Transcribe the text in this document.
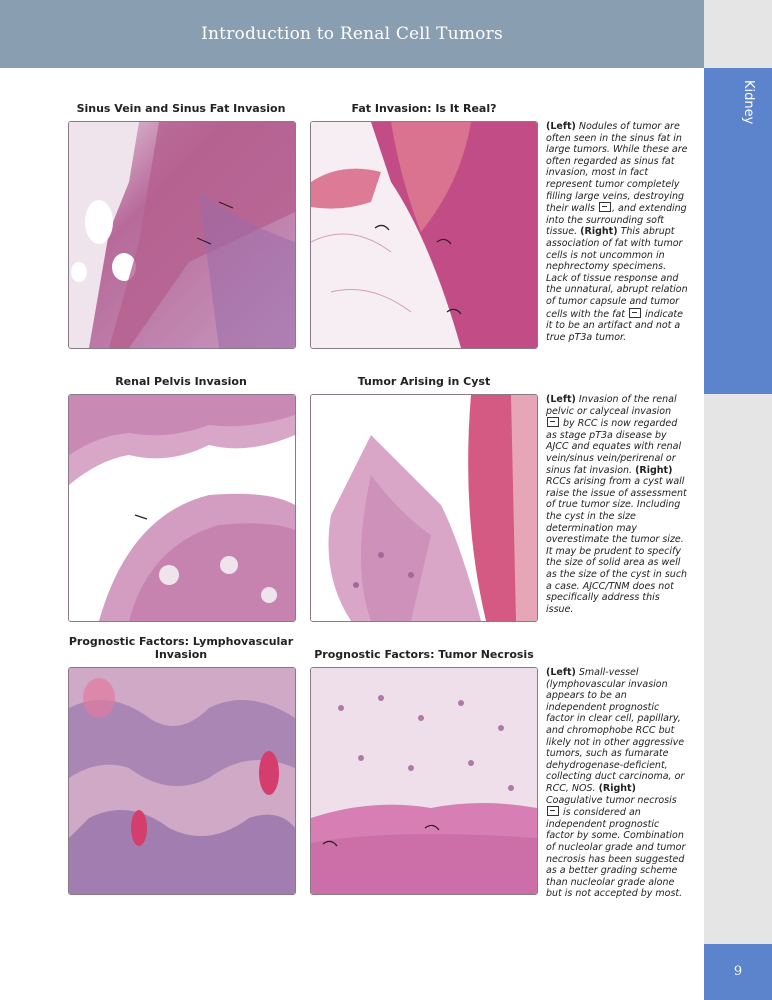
Introduction to Renal Cell Tumors
Kidney
9
Sinus Vein and Sinus Fat Invasion	Fat Invasion: Is It Real?
(Left) Nodules of tumor are often seen in the sinus fat in large tumors. While these are often regarded as sinus fat invasion, most in fact represent tumor completely filling large veins, destroying their walls , and extending into the surrounding soft tissue. (Right) This abrupt association of fat with tumor cells is not uncommon in nephrectomy specimens. Lack of tissue response and the unnatural, abrupt relation of tumor capsule and tumor cells with the fat  indicate it to be an artifact and not a true pT3a tumor.
Renal Pelvis Invasion	Tumor Arising in Cyst
(Left) Invasion of the renal pelvic or calyceal invasion  by RCC is now regarded as stage pT3a disease by AJCC and equates with renal vein/sinus vein/perirenal or sinus fat invasion. (Right) RCCs arising from a cyst wall raise the issue of assessment of true tumor size. Including the cyst in the size determination may overestimate the tumor size. It may be prudent to specify the size of solid area as well as the size of the cyst in such a case. AJCC/TNM does not specifically address this issue.
Prognostic Factors: Lymphovascular Invasion	Prognostic Factors: Tumor Necrosis
(Left) Small-vessel (lymphovascular invasion appears to be an independent prognostic factor in clear cell, papillary, and chromophobe RCC but likely not in other aggressive tumors, such as fumarate dehydrogenase-deficient, collecting duct carcinoma, or RCC, NOS. (Right) Coagulative tumor necrosis  is considered an independent prognostic factor by some. Combination of nucleolar grade and tumor necrosis has been suggested as a better grading scheme than nucleolar grade alone but is not accepted by most.
